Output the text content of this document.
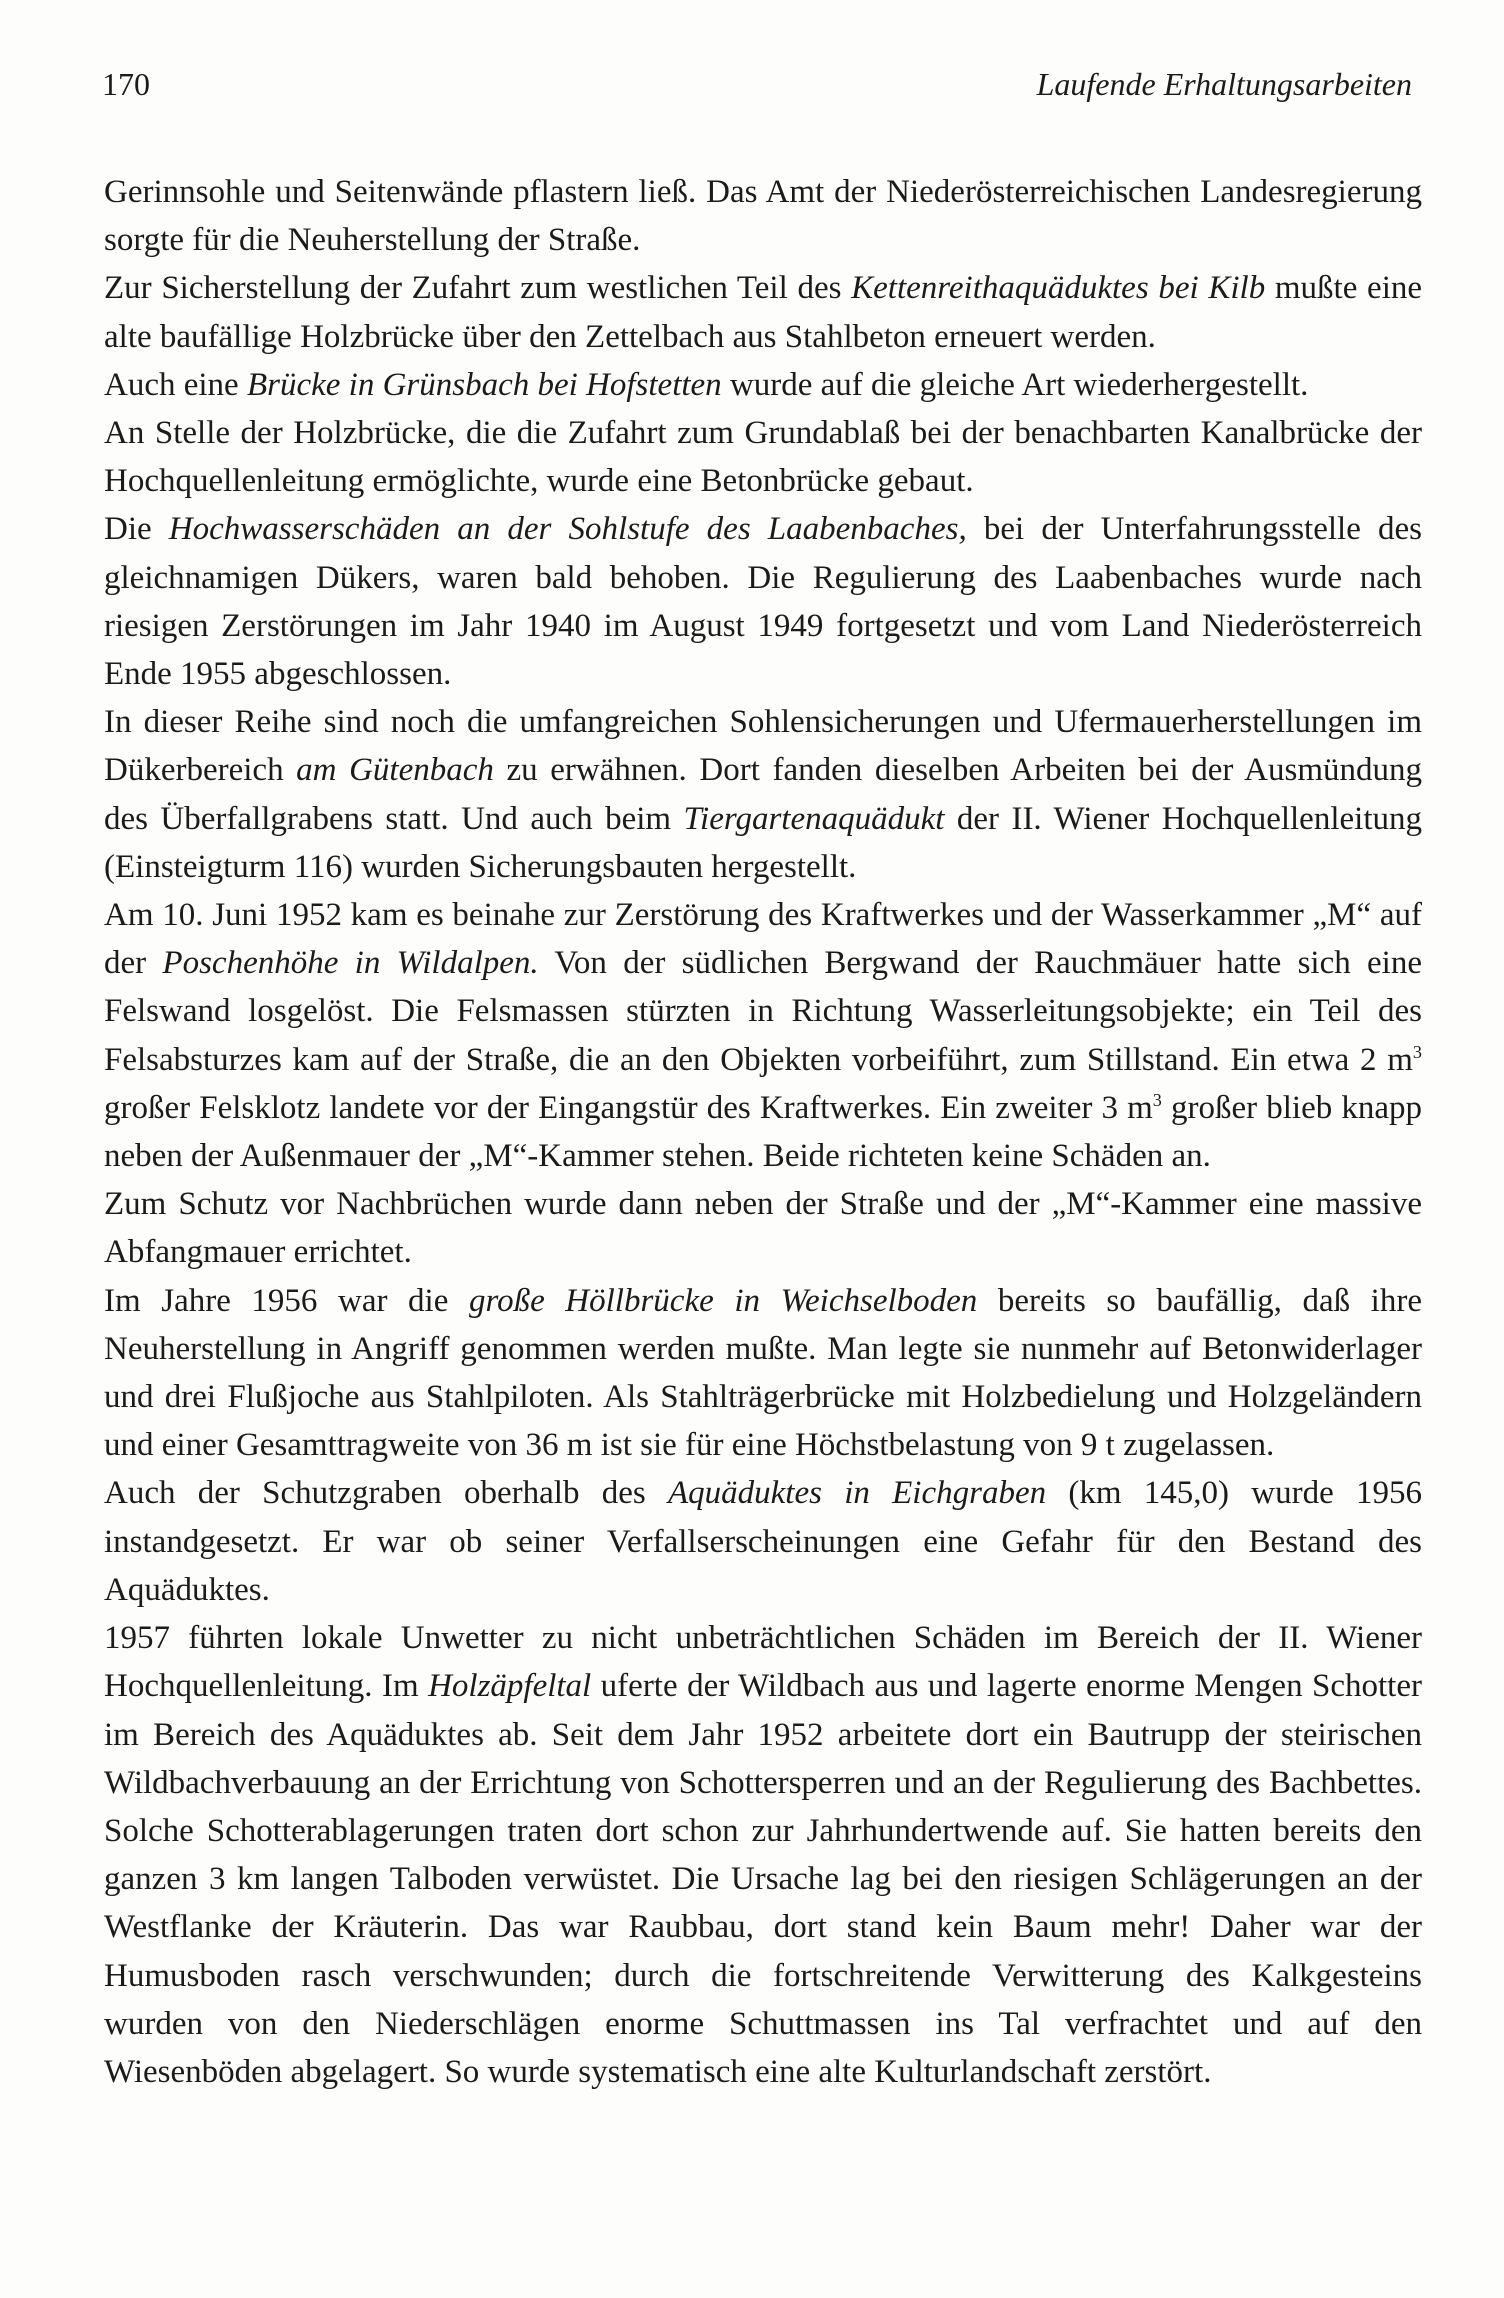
170	Laufende Erhaltungsarbeiten

Gerinnsohle und Seitenwände pflastern ließ. Das Amt der Niederösterreichischen Landesregierung sorgte für die Neuherstellung der Straße.

Zur Sicherstellung der Zufahrt zum westlichen Teil des Kettenreithaquäduktes bei Kilb mußte eine alte baufällige Holzbrücke über den Zettelbach aus Stahlbeton erneuert werden.

Auch eine Brücke in Grünsbach bei Hofstetten wurde auf die gleiche Art wiederhergestellt.

An Stelle der Holzbrücke, die die Zufahrt zum Grundablaß bei der benachbarten Kanalbrücke der Hochquellenleitung ermöglichte, wurde eine Betonbrücke gebaut.

Die Hochwasserschäden an der Sohlstufe des Laabenbaches, bei der Unterfahrungsstelle des gleichnamigen Dükers, waren bald behoben. Die Regulierung des Laabenbaches wurde nach riesigen Zerstörungen im Jahr 1940 im August 1949 fortgesetzt und vom Land Niederösterreich Ende 1955 abgeschlossen.

In dieser Reihe sind noch die umfangreichen Sohlensicherungen und Ufermauerherstellungen im Dükerbereich am Gütenbach zu erwähnen. Dort fanden dieselben Arbeiten bei der Ausmündung des Überfallgrabens statt. Und auch beim Tiergartenaquädukt der II. Wiener Hochquellenleitung (Einsteigturm 116) wurden Sicherungsbauten hergestellt.

Am 10. Juni 1952 kam es beinahe zur Zerstörung des Kraftwerkes und der Wasserkammer „M“ auf der Poschenhöhe in Wildalpen. Von der südlichen Bergwand der Rauchmäuer hatte sich eine Felswand losgelöst. Die Felsmassen stürzten in Richtung Wasserleitungsobjekte; ein Teil des Felsabsturzes kam auf der Straße, die an den Objekten vorbeiführt, zum Stillstand. Ein etwa 2 $m^3$ großer Felsklotz landete vor der Eingangstür des Kraftwerkes. Ein zweiter 3 $m^3$ großer blieb knapp neben der Außenmauer der „M“-Kammer stehen. Beide richteten keine Schäden an.

Zum Schutz vor Nachbrüchen wurde dann neben der Straße und der „M“-Kammer eine massive Abfangmauer errichtet.

Im Jahre 1956 war die große Höllbrücke in Weichselboden bereits so baufällig, daß ihre Neuherstellung in Angriff genommen werden mußte. Man legte sie nunmehr auf Betonwiderlager und drei Flußjoche aus Stahlpiloten. Als Stahlträgerbrücke mit Holzbedielung und Holzgeländern und einer Gesamttragweite von 36 m ist sie für eine Höchstbelastung von 9 t zugelassen.

Auch der Schutzgraben oberhalb des Aquäduktes in Eichgraben (km 145,0) wurde 1956 instandgesetzt. Er war ob seiner Verfallserscheinungen eine Gefahr für den Bestand des Aquäduktes.

1957 führten lokale Unwetter zu nicht unbeträchtlichen Schäden im Bereich der II. Wiener Hochquellenleitung. Im Holzäpfeltal uferte der Wildbach aus und lagerte enorme Mengen Schotter im Bereich des Aquäduktes ab. Seit dem Jahr 1952 arbeitete dort ein Bautrupp der steirischen Wildbachverbauung an der Errichtung von Schottersperren und an der Regulierung des Bachbettes. Solche Schotterablagerungen traten dort schon zur Jahrhundertwende auf. Sie hatten bereits den ganzen 3 km langen Talboden verwüstet. Die Ursache lag bei den riesigen Schlägerungen an der Westflanke der Kräuterin. Das war Raubbau, dort stand kein Baum mehr! Daher war der Humusboden rasch verschwunden; durch die fortschreitende Verwitterung des Kalkgesteins wurden von den Niederschlägen enorme Schuttmassen ins Tal verfrachtet und auf den Wiesenböden abgelagert. So wurde systematisch eine alte Kulturlandschaft zerstört.
